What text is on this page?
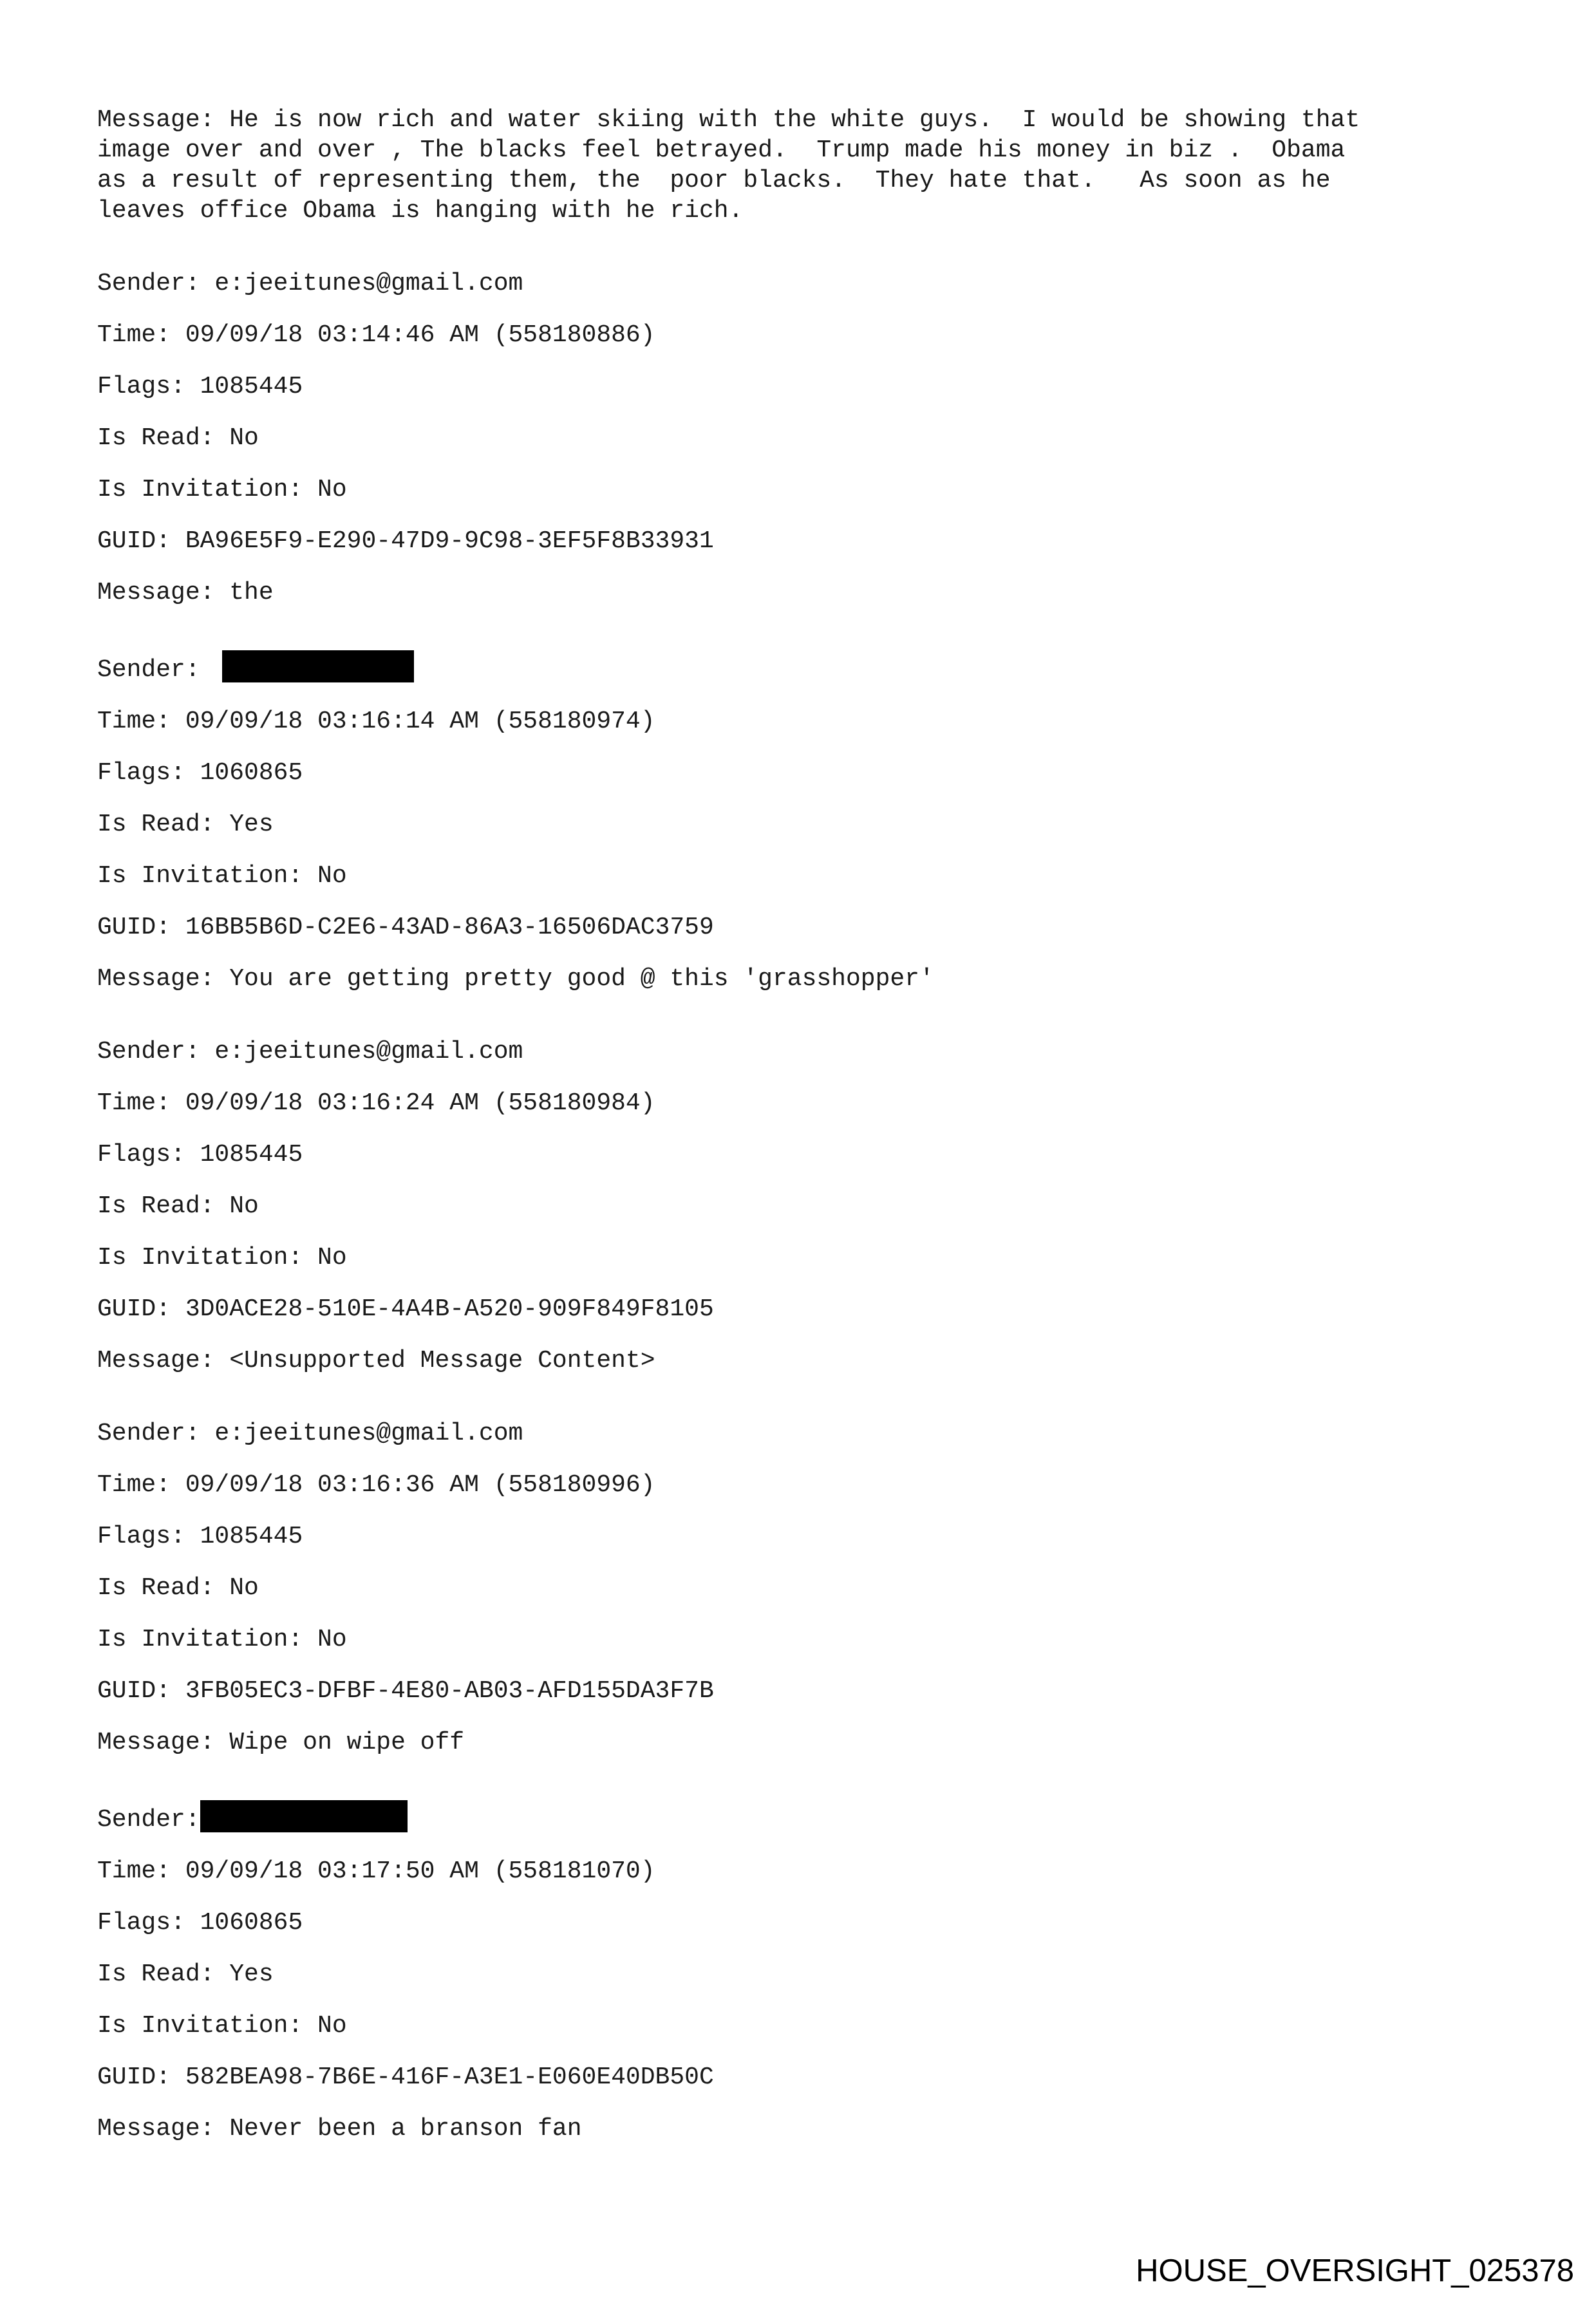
Message: He is now rich and water skiing with the white guys.  I would be showing that

image over and over , The blacks feel betrayed.  Trump made his money in biz .  Obama

as a result of representing them, the  poor blacks.  They hate that.   As soon as he

leaves office Obama is hanging with he rich.

Sender: e:jeeitunes@gmail.com

Time: 09/09/18 03:14:46 AM (558180886)

Flags: 1085445

Is Read: No

Is Invitation: No

GUID: BA96E5F9-E290-47D9-9C98-3EF5F8B33931

Message: the

Sender:

Time: 09/09/18 03:16:14 AM (558180974)

Flags: 1060865

Is Read: Yes

Is Invitation: No

GUID: 16BB5B6D-C2E6-43AD-86A3-16506DAC3759

Message: You are getting pretty good @ this 'grasshopper'

Sender: e:jeeitunes@gmail.com

Time: 09/09/18 03:16:24 AM (558180984)

Flags: 1085445

Is Read: No

Is Invitation: No

GUID: 3D0ACE28-510E-4A4B-A520-909F849F8105

Message: <Unsupported Message Content>

Sender: e:jeeitunes@gmail.com

Time: 09/09/18 03:16:36 AM (558180996)

Flags: 1085445

Is Read: No

Is Invitation: No

GUID: 3FB05EC3-DFBF-4E80-AB03-AFD155DA3F7B

Message: Wipe on wipe off

Sender:

Time: 09/09/18 03:17:50 AM (558181070)

Flags: 1060865

Is Read: Yes

Is Invitation: No

GUID: 582BEA98-7B6E-416F-A3E1-E060E40DB50C

Message: Never been a branson fan

HOUSE_OVERSIGHT_025378
